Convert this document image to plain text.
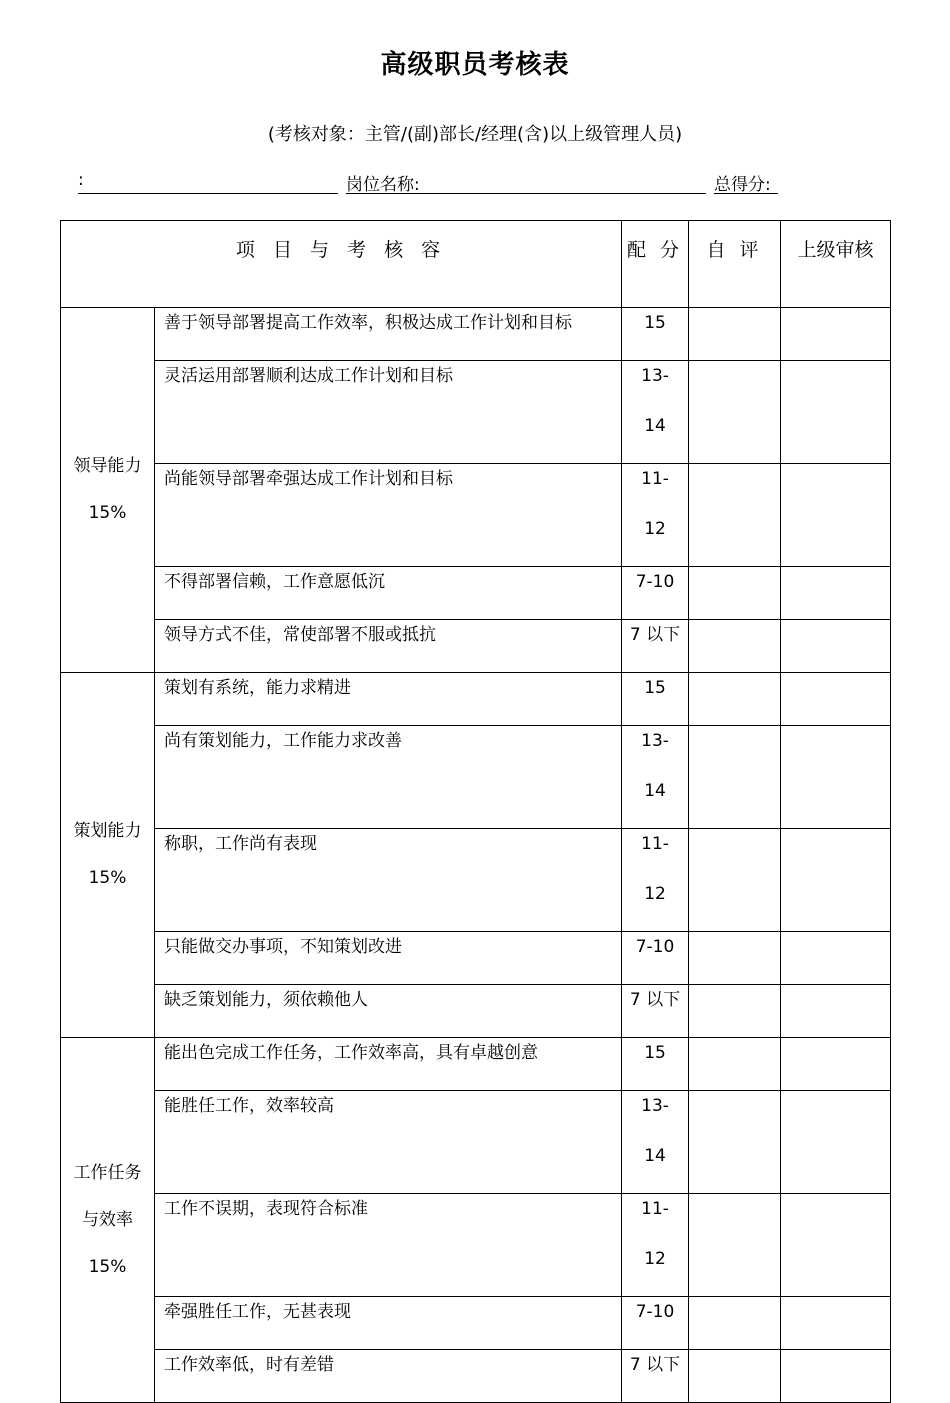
高级职员考核表
(考核对象：主管/(副)部长/经理(含)以上级管理人员)
:	岗位名称:	总得分:
项 目 与 考 核 容		配 分	自 评	上级审核

领导能力
15%	善于领导部署提高工作效率，积极达成工作计划和目标	15		

	灵活运用部署顺利达成工作计划和目标	13-
14		

	尚能领导部署牵强达成工作计划和目标	11-
12		

	不得部署信赖，工作意愿低沉	7-10		

	领导方式不佳，常使部署不服或抵抗	7 以下		

策划能力
15%	策划有系统，能力求精进	15		

	尚有策划能力，工作能力求改善	13-
14		

	称职，工作尚有表现	11-
12		

	只能做交办事项，不知策划改进	7-10		

	缺乏策划能力，须依赖他人	7 以下		

工作任务
与效率
15%	能出色完成工作任务，工作效率高，具有卓越创意	15		

	能胜任工作，效率较高	13-
14		

	工作不误期，表现符合标准	11-
12		

	牵强胜任工作，无甚表现	7-10		

	工作效率低，时有差错	7 以下		
